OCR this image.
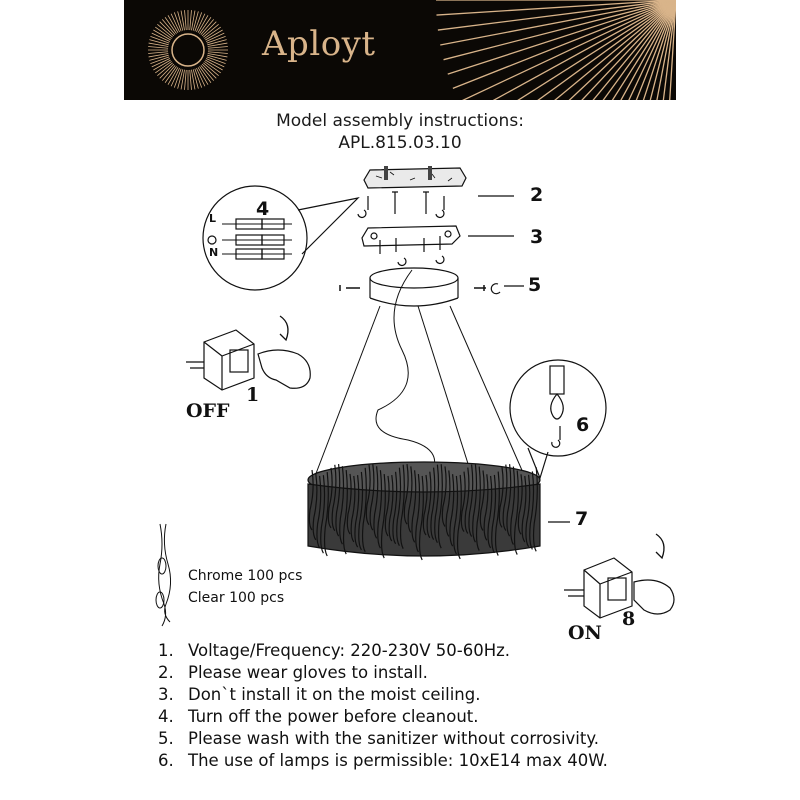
Aployt
Model assembly instructions:
APL.815.03.10
2
3
5
4
L
N
6
7
1
OFF
8
ON
Chrome 100 pcs
Clear 100 pcs
1. Voltage/Frequency: 220-230V 50-60Hz.
2. Please wear gloves to install.
3. Don`t install it on the moist ceiling.
4. Turn off the power before cleanout.
5. Please wash with the sanitizer without corrosivity.
6. The use of lamps is permissible: 10xE14 max 40W.
